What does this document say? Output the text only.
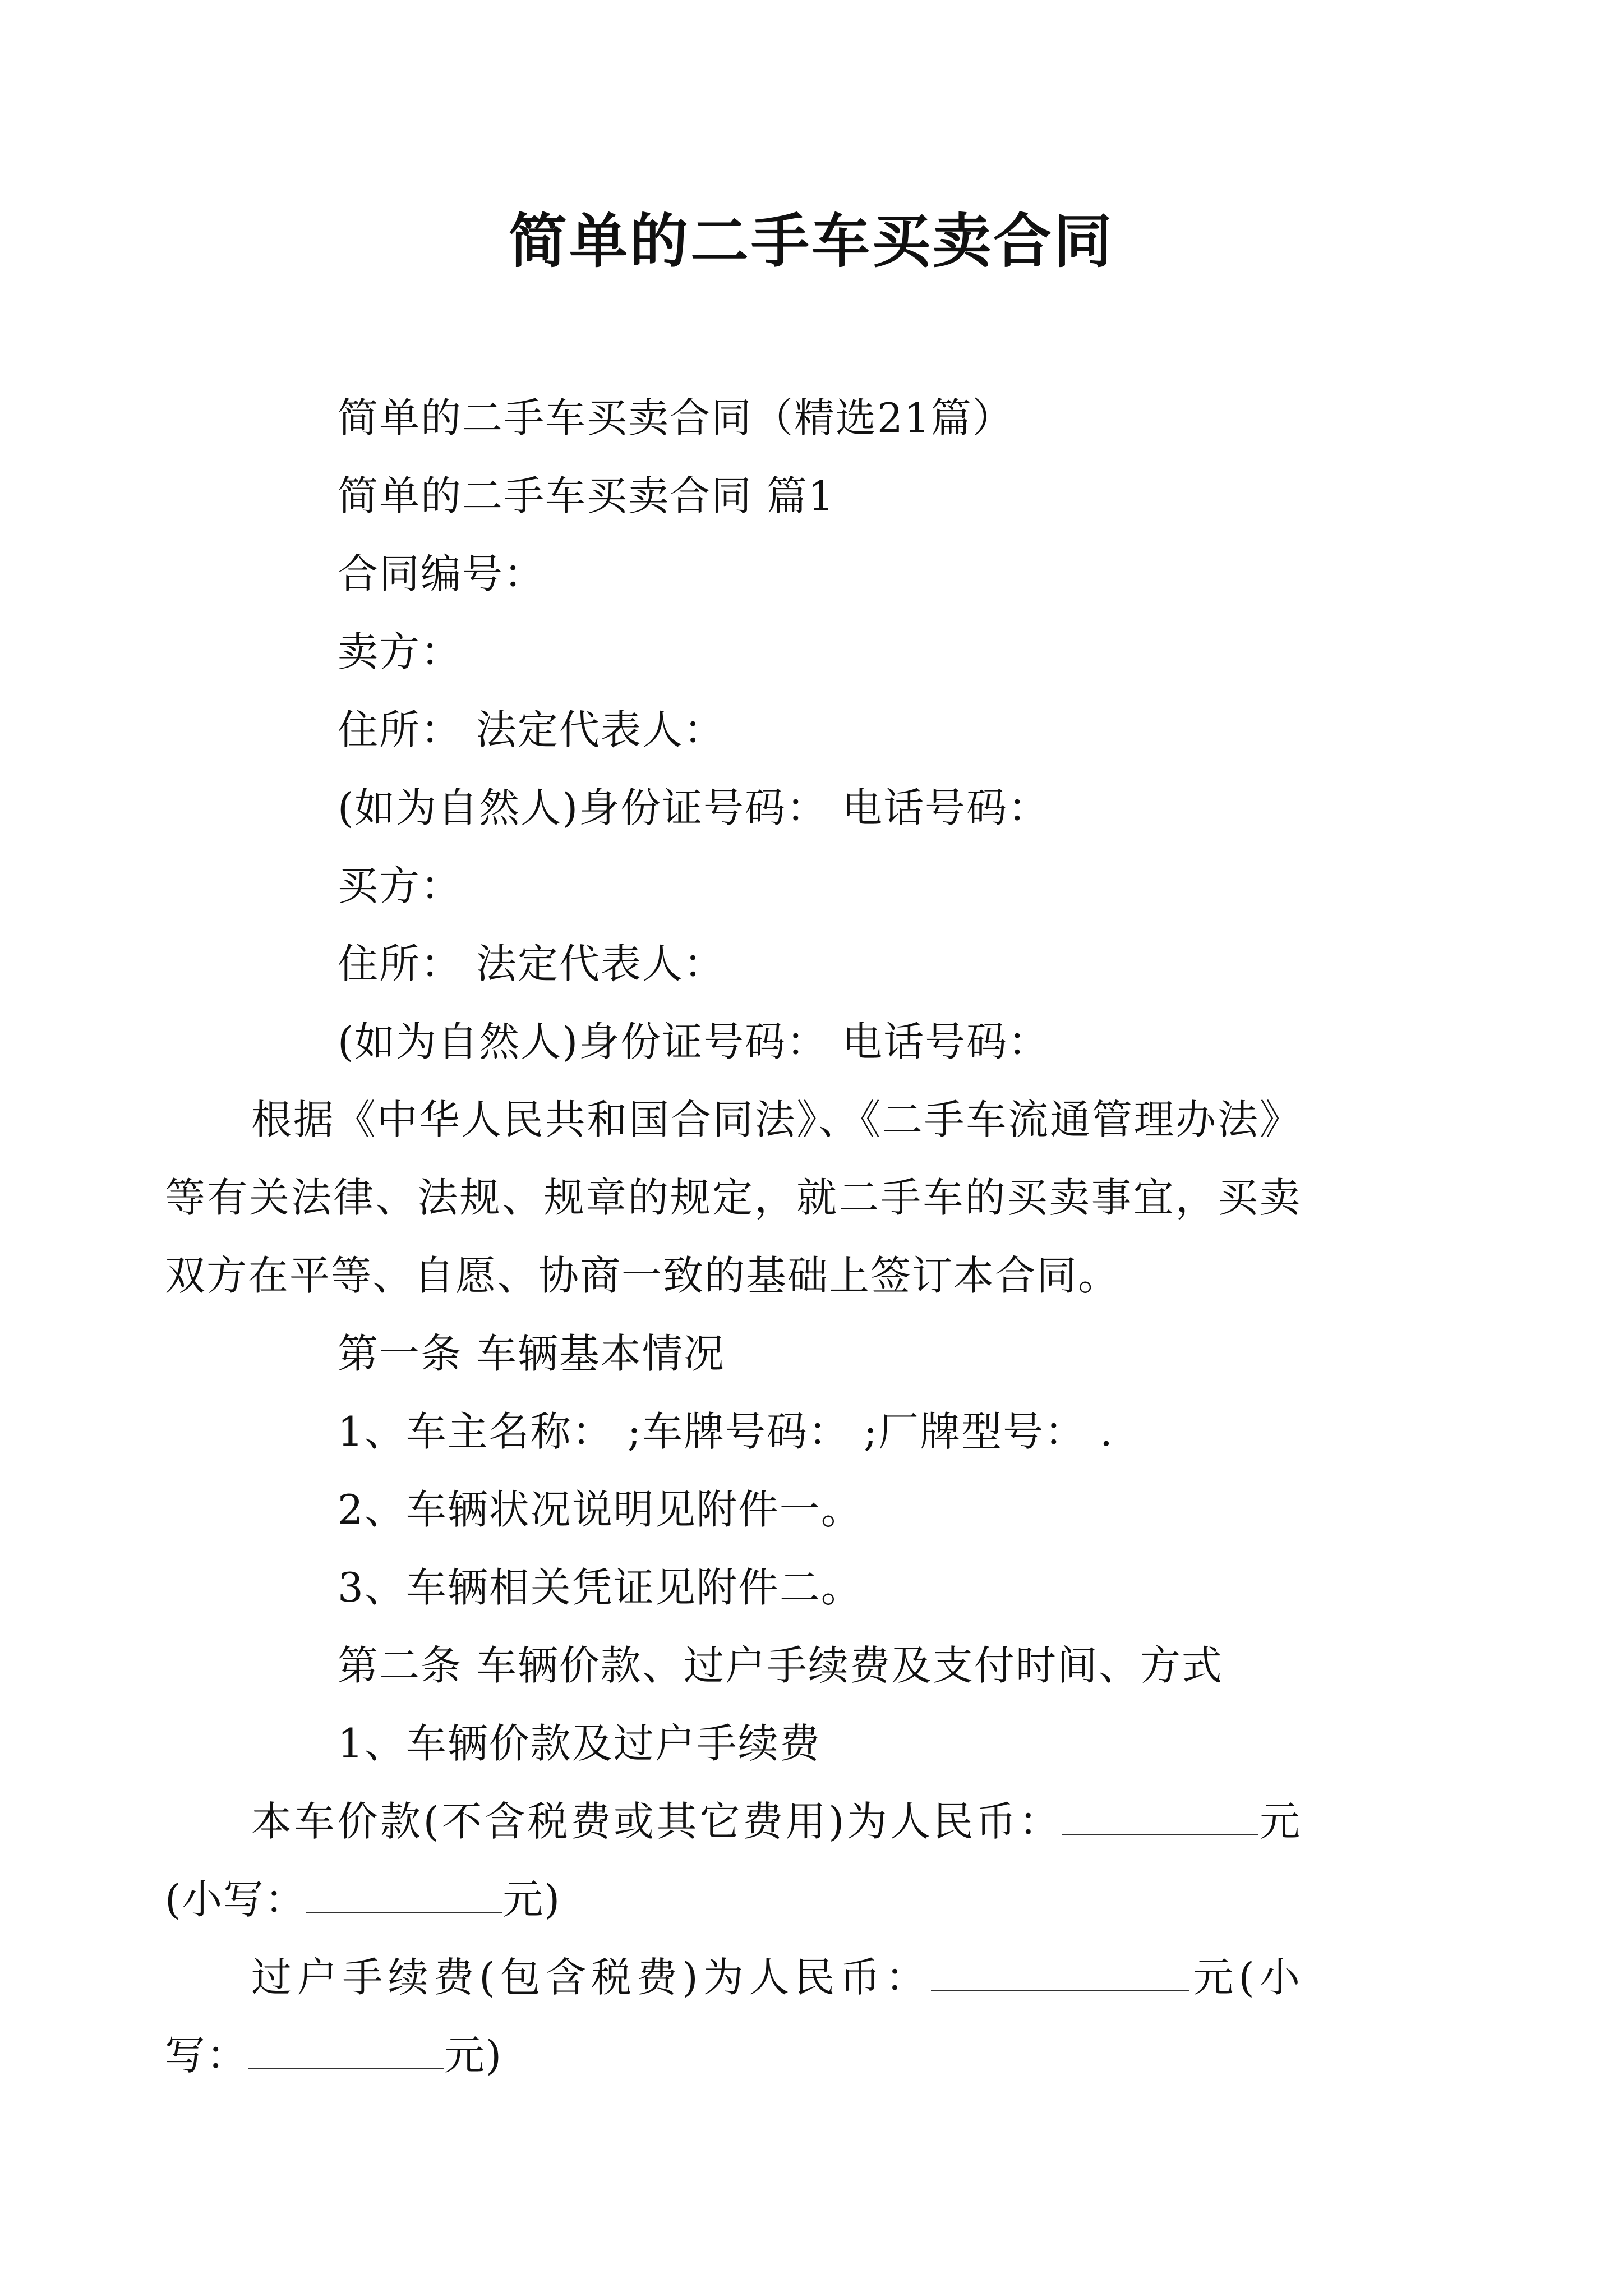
简单的二手车买卖合同

简单的二手车买卖合同（精选21篇）

简单的二手车买卖合同 篇1

合同编号：

卖方：

住所： 法定代表人：

(如为自然人)身份证号码： 电话号码：

买方：

住所： 法定代表人：

(如为自然人)身份证号码： 电话号码：

根据《中华人民共和国合同法》、《二手车流通管理办法》等有关法律、法规、规章的规定，就二手车的买卖事宜，买卖双方在平等、自愿、协商一致的基础上签订本合同。

第一条 车辆基本情况

1、车主名称： ;车牌号码： ;厂牌型号： .

2、车辆状况说明见附件一。

3、车辆相关凭证见附件二。

第二条 车辆价款、过户手续费及支付时间、方式

1、车辆价款及过户手续费

本车价款(不含税费或其它费用)为人民币：	元(小写：	元)

过户手续费(包含税费)为人民币：	元(小写：	元)
